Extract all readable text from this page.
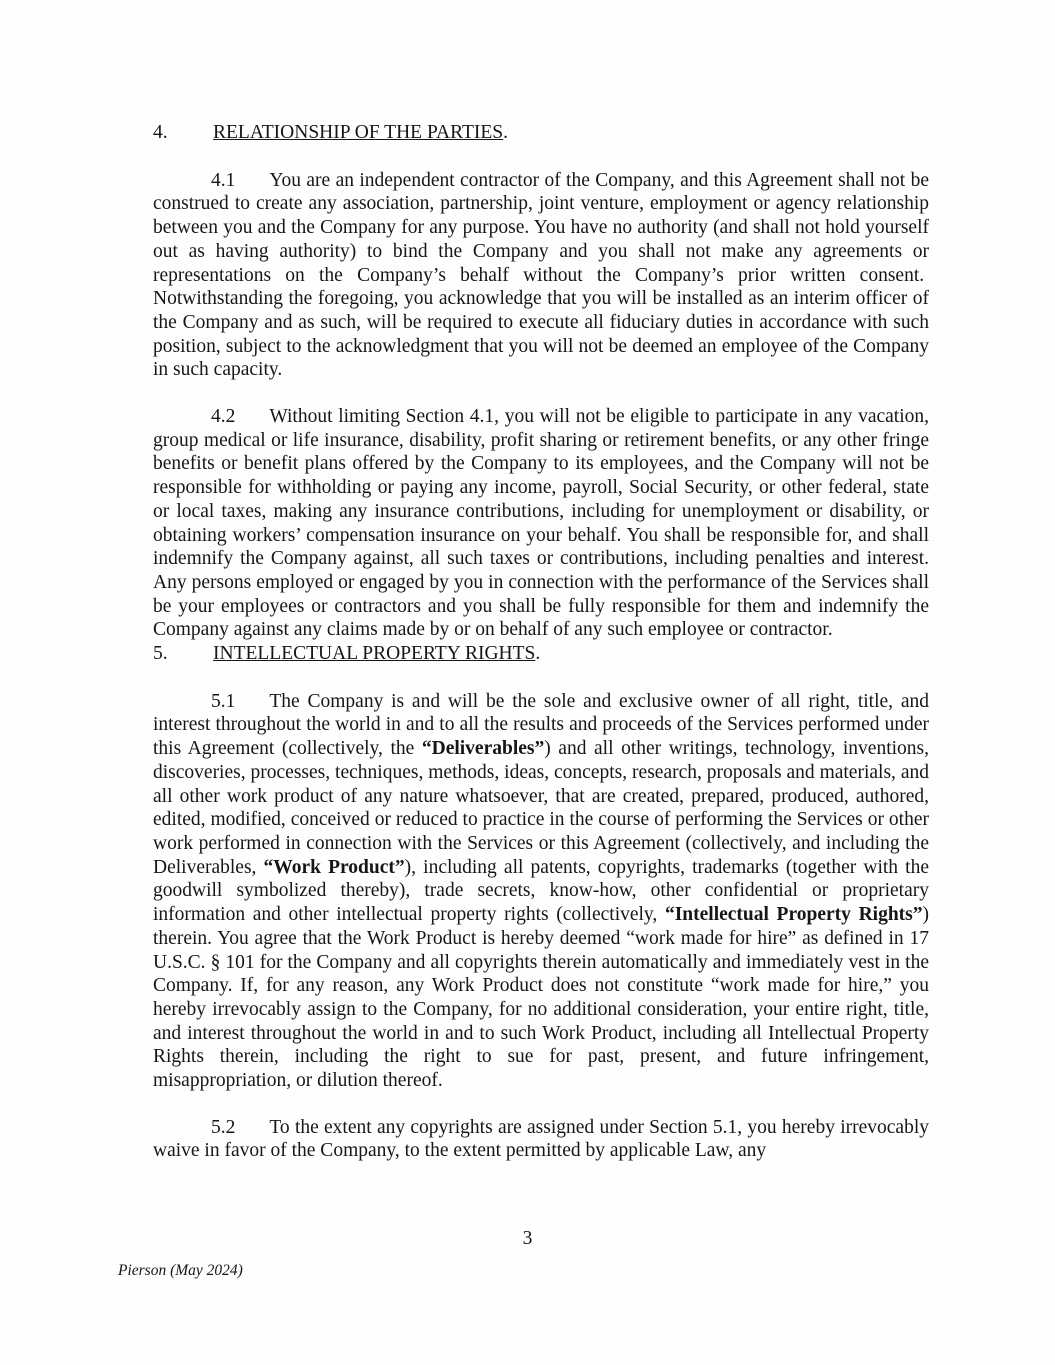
4. RELATIONSHIP OF THE PARTIES.

4.1 You are an independent contractor of the Company, and this Agreement shall not be construed to create any association, partnership, joint venture, employment or agency relationship between you and the Company for any purpose. You have no authority (and shall not hold yourself out as having authority) to bind the Company and you shall not make any agreements or representations on the Company’s behalf without the Company’s prior written consent.  Notwithstanding the foregoing, you acknowledge that you will be installed as an interim officer of the Company and as such, will be required to execute all fiduciary duties in accordance with such position, subject to the acknowledgment that you will not be deemed an employee of the Company in such capacity.

4.2 Without limiting Section 4.1, you will not be eligible to participate in any vacation, group medical or life insurance, disability, profit sharing or retirement benefits, or any other fringe benefits or benefit plans offered by the Company to its employees, and the Company will not be responsible for withholding or paying any income, payroll, Social Security, or other federal, state or local taxes, making any insurance contributions, including for unemployment or disability, or obtaining workers’ compensation insurance on your behalf. You shall be responsible for, and shall indemnify the Company against, all such taxes or contributions, including penalties and interest. Any persons employed or engaged by you in connection with the performance of the Services shall be your employees or contractors and you shall be fully responsible for them and indemnify the Company against any claims made by or on behalf of any such employee or contractor.

5. INTELLECTUAL PROPERTY RIGHTS.

5.1 The Company is and will be the sole and exclusive owner of all right, title, and interest throughout the world in and to all the results and proceeds of the Services performed under this Agreement (collectively, the “Deliverables”) and all other writings, technology, inventions, discoveries, processes, techniques, methods, ideas, concepts, research, proposals and materials, and all other work product of any nature whatsoever, that are created, prepared, produced, authored, edited, modified, conceived or reduced to practice in the course of performing the Services or other work performed in connection with the Services or this Agreement (collectively, and including the Deliverables, “Work Product”), including all patents, copyrights, trademarks (together with the goodwill symbolized thereby), trade secrets, know-how, other confidential or proprietary information and other intellectual property rights (collectively, “Intellectual Property Rights”) therein. You agree that the Work Product is hereby deemed “work made for hire” as defined in 17 U.S.C. § 101 for the Company and all copyrights therein automatically and immediately vest in the Company. If, for any reason, any Work Product does not constitute “work made for hire,” you hereby irrevocably assign to the Company, for no additional consideration, your entire right, title, and interest throughout the world in and to such Work Product, including all Intellectual Property Rights therein, including the right to sue for past, present, and future infringement, misappropriation, or dilution thereof.

5.2 To the extent any copyrights are assigned under Section 5.1, you hereby irrevocably waive in favor of the Company, to the extent permitted by applicable Law, any

3
Pierson (May 2024)
